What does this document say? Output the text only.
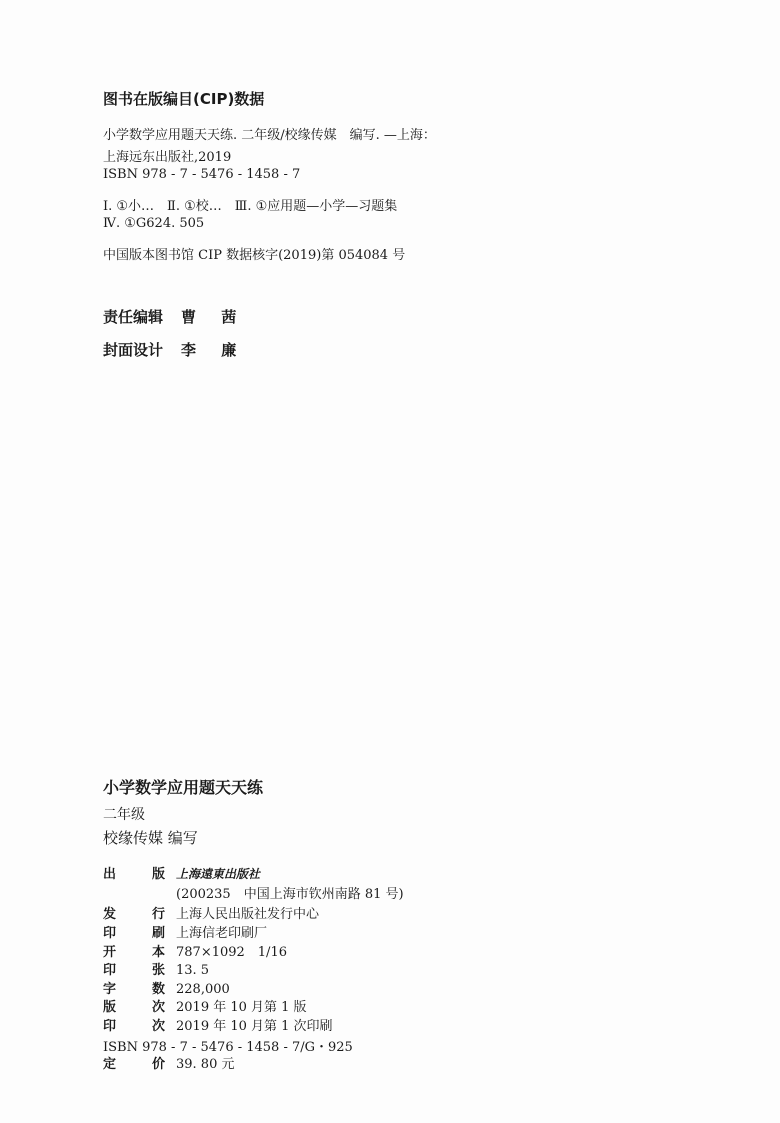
图书在版编目(CIP)数据
小学数学应用题天天练. 二年级/校缘传媒　编写. —上海：
上海远东出版社,2019
ISBN 978 - 7 - 5476 - 1458 - 7
Ⅰ. ①小…　Ⅱ. ①校…　Ⅲ. ①应用题—小学—习题集
Ⅳ. ①G624. 505
中国版本图书馆 CIP 数据核字(2019)第 054084 号
责任编辑 曹 茜
封面设计 李 廉
小学数学应用题天天练
二年级
校缘传媒 编写
出　版 上海遠東出版社
(200235　中国上海市钦州南路 81 号)
发　行 上海人民出版社发行中心
印　刷 上海信老印刷厂
开　本 787×1092　1/16
印　张 13. 5
字　数 228,000
版　次 2019 年 10 月第 1 版
印　次 2019 年 10 月第 1 次印刷
ISBN 978 - 7 - 5476 - 1458 - 7/G・925
定　价 39. 80 元
